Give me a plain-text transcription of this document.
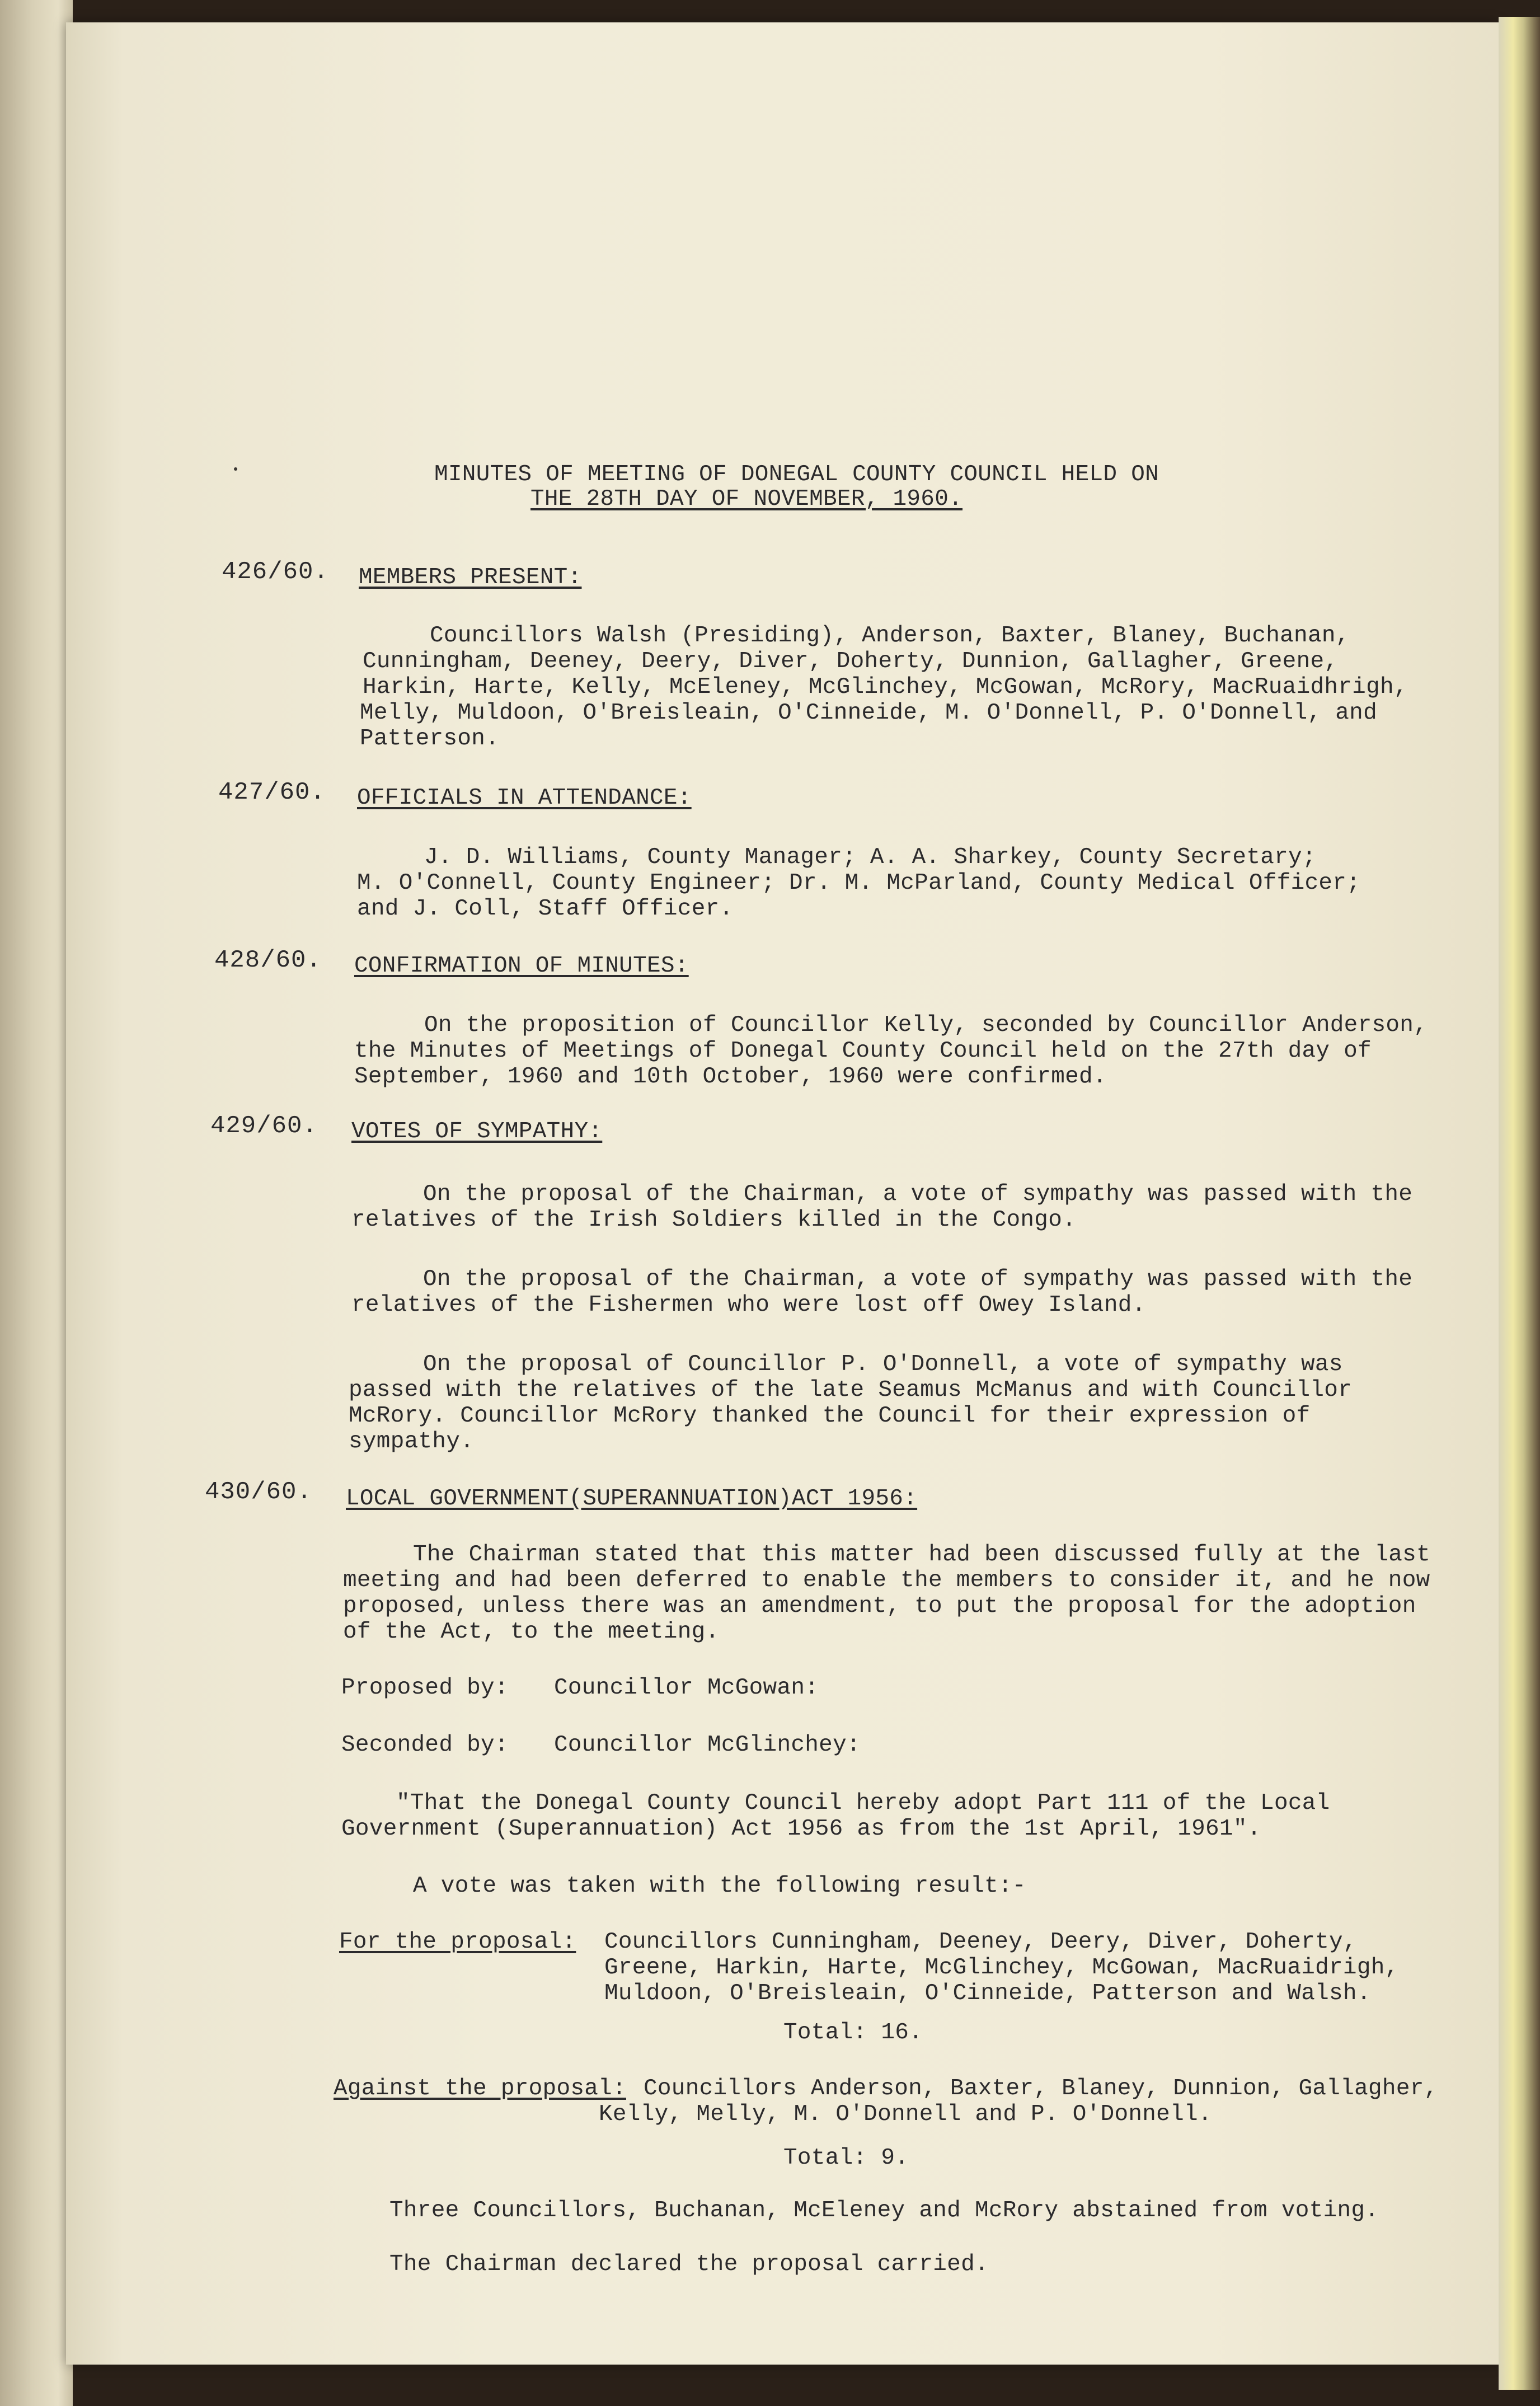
MINUTES OF MEETING OF DONEGAL COUNTY COUNCIL HELD ON
THE 28TH DAY OF NOVEMBER, 1960.
426/60. MEMBERS PRESENT:
Councillors Walsh (Presiding), Anderson, Baxter, Blaney, Buchanan,
Cunningham, Deeney, Deery, Diver, Doherty, Dunnion, Gallagher, Greene,
Harkin, Harte, Kelly, McEleney, McGlinchey, McGowan, McRory, MacRuaidhrigh,
Melly, Muldoon, O'Breisleain, O'Cinneide, M. O'Donnell, P. O'Donnell, and
Patterson.
427/60. OFFICIALS IN ATTENDANCE:
J. D. Williams, County Manager; A. A. Sharkey, County Secretary;
M. O'Connell, County Engineer; Dr. M. McParland, County Medical Officer;
and J. Coll, Staff Officer.
428/60. CONFIRMATION OF MINUTES:
On the proposition of Councillor Kelly, seconded by Councillor Anderson,
the Minutes of Meetings of Donegal County Council held on the 27th day of
September, 1960 and 10th October, 1960 were confirmed.
429/60. VOTES OF SYMPATHY:
On the proposal of the Chairman, a vote of sympathy was passed with the
relatives of the Irish Soldiers killed in the Congo.
On the proposal of the Chairman, a vote of sympathy was passed with the
relatives of the Fishermen who were lost off Owey Island.
On the proposal of Councillor P. O'Donnell, a vote of sympathy was
passed with the relatives of the late Seamus McManus and with Councillor
McRory. Councillor McRory thanked the Council for their expression of
sympathy.
430/60. LOCAL GOVERNMENT(SUPERANNUATION)ACT 1956:
The Chairman stated that this matter had been discussed fully at the last
meeting and had been deferred to enable the members to consider it, and he now
proposed, unless there was an amendment, to put the proposal for the adoption
of the Act, to the meeting.
Proposed by: Councillor McGowan:
Seconded by: Councillor McGlinchey:
"That the Donegal County Council hereby adopt Part 111 of the Local
Government (Superannuation) Act 1956 as from the 1st April, 1961".
A vote was taken with the following result:-
For the proposal: Councillors Cunningham, Deeney, Deery, Diver, Doherty,
Greene, Harkin, Harte, McGlinchey, McGowan, MacRuaidrigh,
Muldoon, O'Breisleain, O'Cinneide, Patterson and Walsh.
Total: 16.
Against the proposal: Councillors Anderson, Baxter, Blaney, Dunnion, Gallagher,
Kelly, Melly, M. O'Donnell and P. O'Donnell.
Total: 9.
Three Councillors, Buchanan, McEleney and McRory abstained from voting.
The Chairman declared the proposal carried.
